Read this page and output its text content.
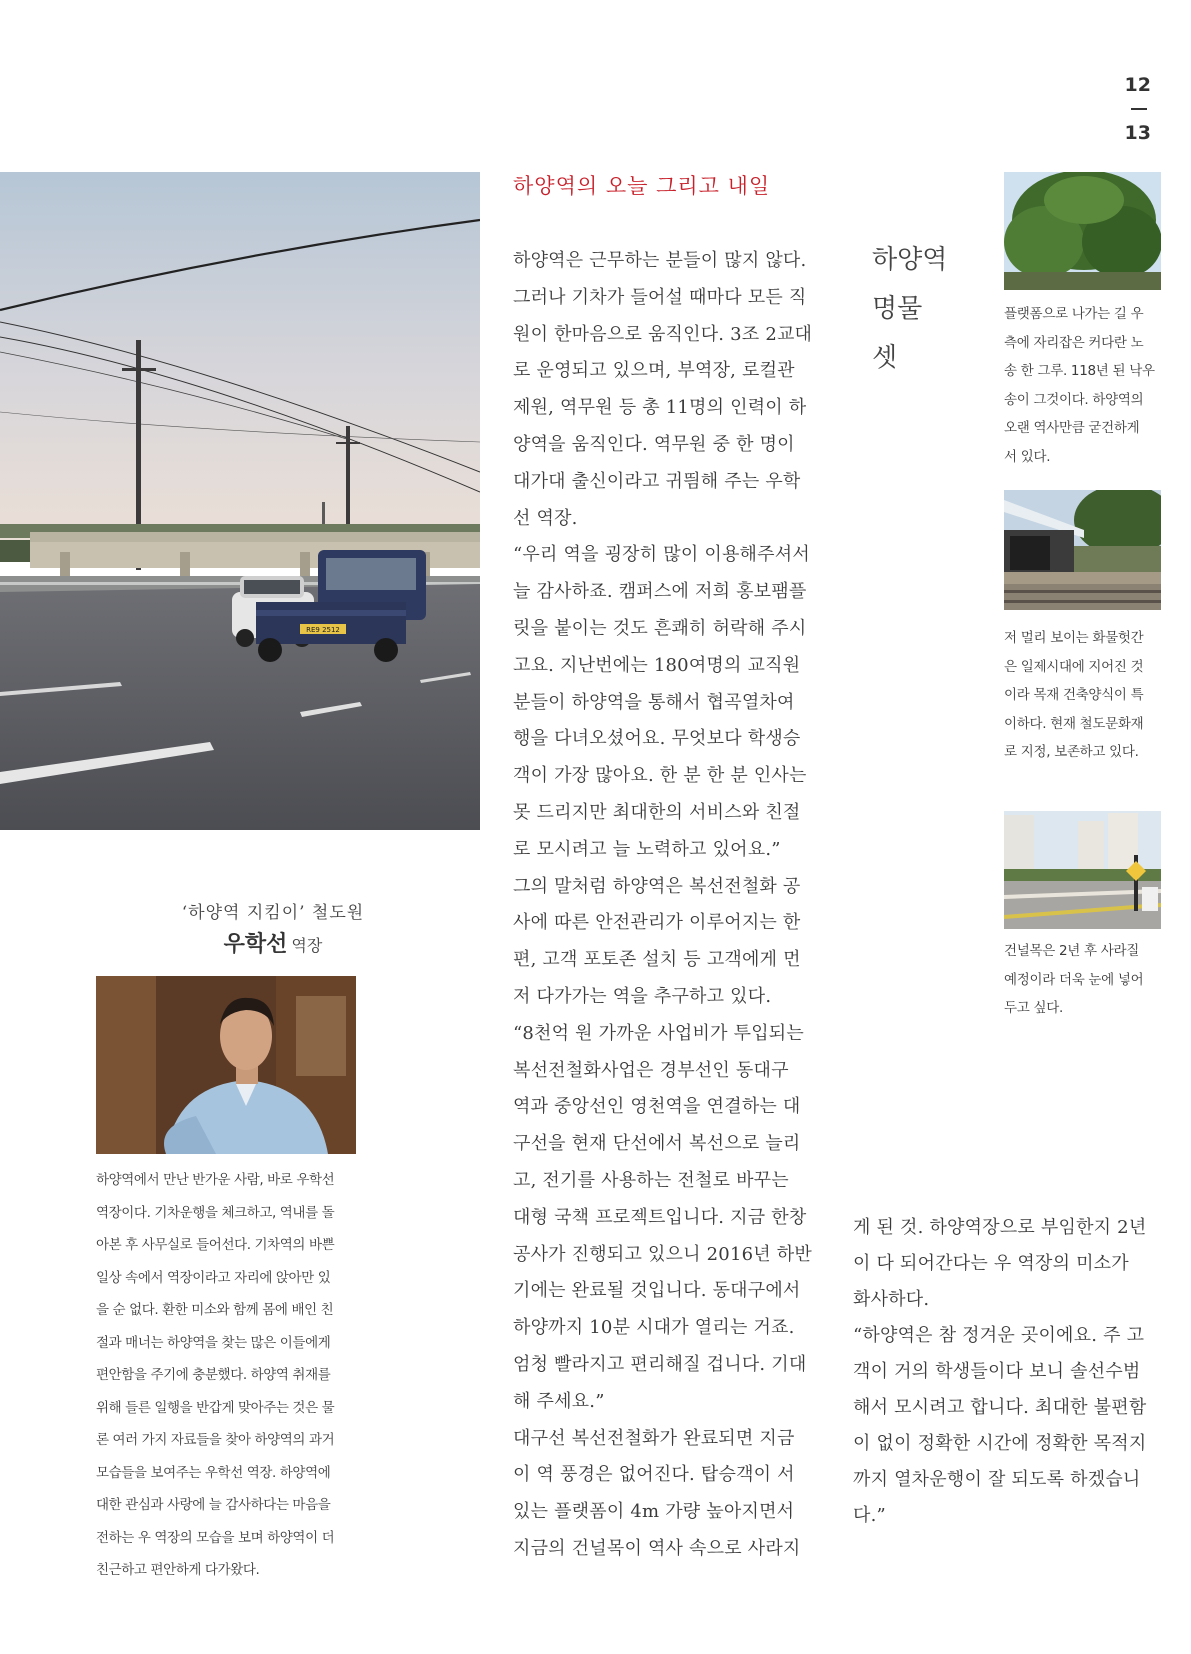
12
13
RE9 2512
하양역의 오늘 그리고 내일
하양역은 근무하는 분들이 많지 않다.
그러나 기차가 들어설 때마다 모든 직
원이 한마음으로 움직인다. 3조 2교대
로 운영되고 있으며, 부역장, 로컬관
제원, 역무원 등 총 11명의 인력이 하
양역을 움직인다. 역무원 중 한 명이
대가대 출신이라고 귀띔해 주는 우학
선 역장.
“우리 역을 굉장히 많이 이용해주셔서
늘 감사하죠. 캠퍼스에 저희 홍보팸플
릿을 붙이는 것도 흔쾌히 허락해 주시
고요. 지난번에는 180여명의 교직원
분들이 하양역을 통해서 협곡열차여
행을 다녀오셨어요. 무엇보다 학생승
객이 가장 많아요. 한 분 한 분 인사는
못 드리지만 최대한의 서비스와 친절
로 모시려고 늘 노력하고 있어요.”
그의 말처럼 하양역은 복선전철화 공
사에 따른 안전관리가 이루어지는 한
편, 고객 포토존 설치 등 고객에게 먼
저 다가가는 역을 추구하고 있다.
“8천억 원 가까운 사업비가 투입되는
복선전철화사업은 경부선인 동대구
역과 중앙선인 영천역을 연결하는 대
구선을 현재 단선에서 복선으로 늘리
고, 전기를 사용하는 전철로 바꾸는
대형 국책 프로젝트입니다. 지금 한창
공사가 진행되고 있으니 2016년 하반
기에는 완료될 것입니다. 동대구에서
하양까지 10분 시대가 열리는 거죠.
엄청 빨라지고 편리해질 겁니다. 기대
해 주세요.”
대구선 복선전철화가 완료되면 지금
이 역 풍경은 없어진다. 탑승객이 서
있는 플랫폼이 4m 가량 높아지면서
지금의 건널목이 역사 속으로 사라지
하양역
명물
셋
플랫폼으로 나가는 길 우
측에 자리잡은 커다란 노
송 한 그루. 118년 된 낙우
송이 그것이다. 하양역의
오랜 역사만큼 굳건하게
서 있다.
저 멀리 보이는 화물헛간
은 일제시대에 지어진 것
이라 목재 건축양식이 특
이하다. 현재 철도문화재
로 지정, 보존하고 있다.
건널목은 2년 후 사라질
예정이라 더욱 눈에 넣어
두고 싶다.
‘하양역 지킴이’ 철도원
우학선 역장
하양역에서 만난 반가운 사람, 바로 우학선
역장이다. 기차운행을 체크하고, 역내를 돌
아본 후 사무실로 들어선다. 기차역의 바쁜
일상 속에서 역장이라고 자리에 앉아만 있
을 순 없다. 환한 미소와 함께 몸에 배인 친
절과 매너는 하양역을 찾는 많은 이들에게
편안함을 주기에 충분했다. 하양역 취재를
위해 들른 일행을 반갑게 맞아주는 것은 물
론 여러 가지 자료들을 찾아 하양역의 과거
모습들을 보여주는 우학선 역장. 하양역에
대한 관심과 사랑에 늘 감사하다는 마음을
전하는 우 역장의 모습을 보며 하양역이 더
친근하고 편안하게 다가왔다.
게 된 것. 하양역장으로 부임한지 2년
이 다 되어간다는 우 역장의 미소가
화사하다.
“하양역은 참 정겨운 곳이에요. 주 고
객이 거의 학생들이다 보니 솔선수범
해서 모시려고 합니다. 최대한 불편함
이 없이 정확한 시간에 정확한 목적지
까지 열차운행이 잘 되도록 하겠습니
다.”
